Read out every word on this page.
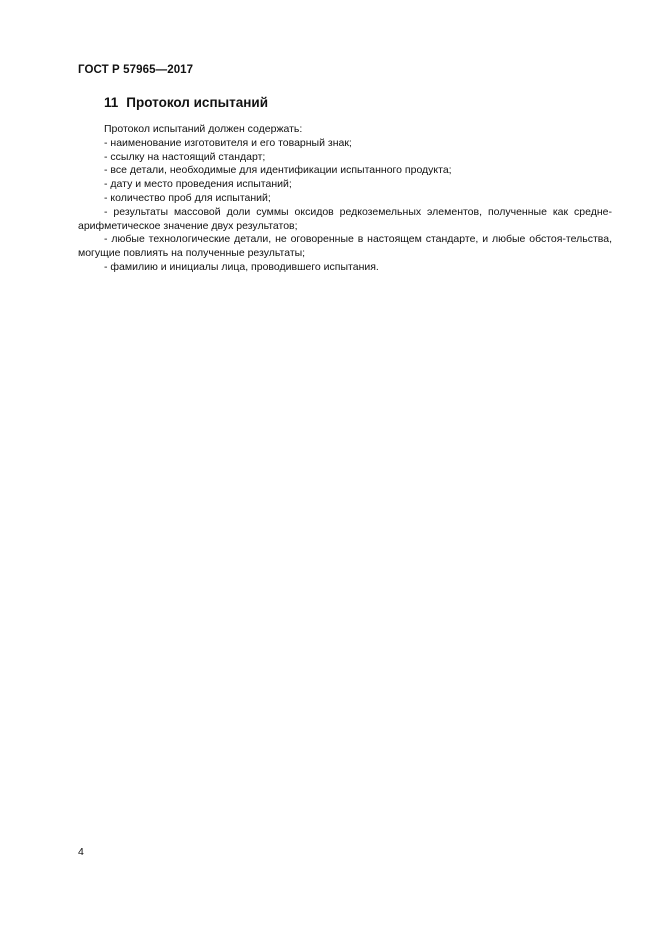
ГОСТ Р 57965—2017
11 Протокол испытаний

Протокол испытаний должен содержать:

- наименование изготовителя и его товарный знак;

- ссылку на настоящий стандарт;

- все детали, необходимые для идентификации испытанного продукта;

- дату и место проведения испытаний;

- количество проб для испытаний;

- результаты массовой доли суммы оксидов редкоземельных элементов, полученные как средне-арифметическое значение двух результатов;

- любые технологические детали, не оговоренные в настоящем стандарте, и любые обстоя-тельства, могущие повлиять на полученные результаты;

- фамилию и инициалы лица, проводившего испытания.

4
